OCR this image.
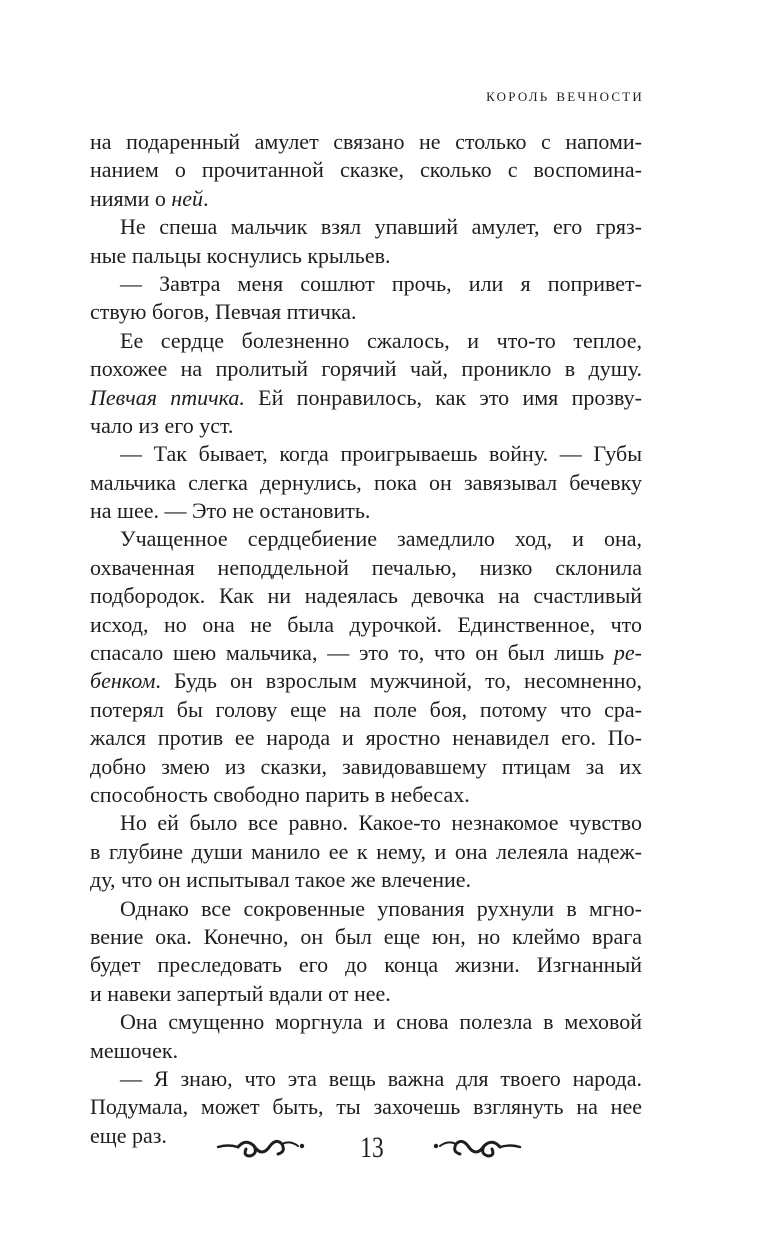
король вечности
на подаренный амулет связано не столько с напоми-
нанием о прочитанной сказке, сколько с воспомина-
ниями о ней.
Не спеша мальчик взял упавший амулет, его гряз-
ные пальцы коснулись крыльев.
— Завтра меня сошлют прочь, или я попривет-
ствую богов, Певчая птичка.
Ее сердце болезненно сжалось, и что-то теплое,
похожее на пролитый горячий чай, проникло в душу.
Певчая птичка. Ей понравилось, как это имя прозву-
чало из его уст.
— Так бывает, когда проигрываешь войну. — Губы
мальчика слегка дернулись, пока он завязывал бечевку
на шее. — Это не остановить.
Учащенное сердцебиение замедлило ход, и она,
охваченная неподдельной печалью, низко склонила
подбородок. Как ни надеялась девочка на счастливый
исход, но она не была дурочкой. Единственное, что
спасало шею мальчика, — это то, что он был лишь ре-
бенком. Будь он взрослым мужчиной, то, несомненно,
потерял бы голову еще на поле боя, потому что сра-
жался против ее народа и яростно ненавидел его. По-
добно змею из сказки, завидовавшему птицам за их
способность свободно парить в небесах.
Но ей было все равно. Какое-то незнакомое чувство
в глубине души манило ее к нему, и она лелеяла надеж-
ду, что он испытывал такое же влечение.
Однако все сокровенные упования рухнули в мгно-
вение ока. Конечно, он был еще юн, но клеймо врага
будет преследовать его до конца жизни. Изгнанный
и навеки запертый вдали от нее.
Она смущенно моргнула и снова полезла в меховой
мешочек.
— Я знаю, что эта вещь важна для твоего народа.
Подумала, может быть, ты захочешь взглянуть на нее
еще раз.	13
